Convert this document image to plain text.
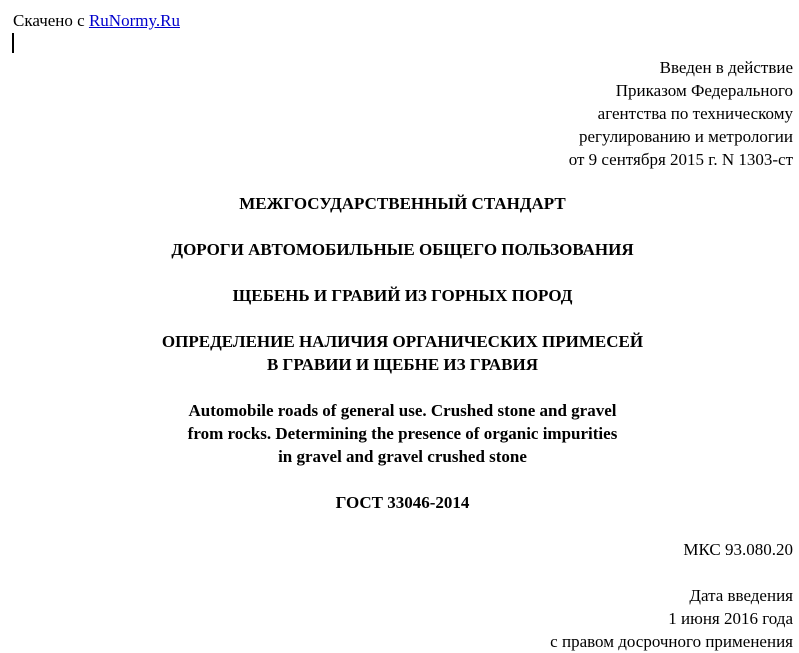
Скачено с RuNormy.Ru
Введен в действие
Приказом Федерального
агентства по техническому
регулированию и метрологии
от 9 сентября 2015 г. N 1303-ст
МЕЖГОСУДАРСТВЕННЫЙ СТАНДАРТ
ДОРОГИ АВТОМОБИЛЬНЫЕ ОБЩЕГО ПОЛЬЗОВАНИЯ
ЩЕБЕНЬ И ГРАВИЙ ИЗ ГОРНЫХ ПОРОД
ОПРЕДЕЛЕНИЕ НАЛИЧИЯ ОРГАНИЧЕСКИХ ПРИМЕСЕЙ
В ГРАВИИ И ЩЕБНЕ ИЗ ГРАВИЯ
Automobile roads of general use. Crushed stone and gravel
from rocks. Determining the presence of organic impurities
in gravel and gravel crushed stone
ГОСТ 33046-2014
МКС 93.080.20
Дата введения
1 июня 2016 года
с правом досрочного применения
